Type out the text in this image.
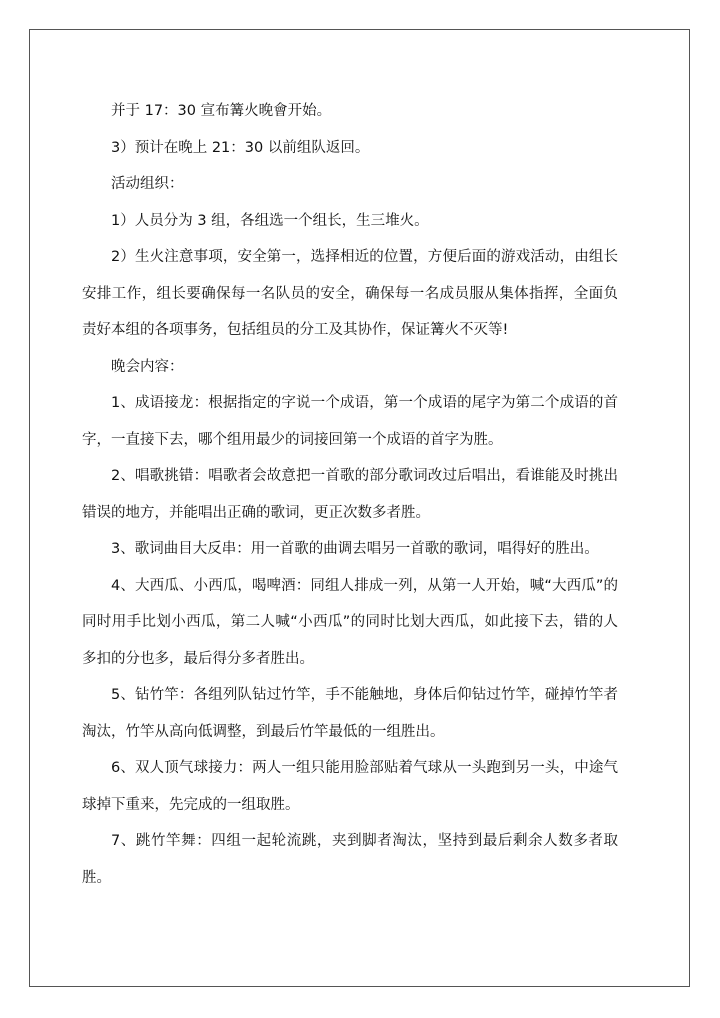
并于 17：30 宣布篝火晚會开始。

3）预计在晚上 21：30 以前组队返回。

活动组织：

1）人员分为 3 组，各组选一个组长，生三堆火。

2）生火注意事项，安全第一，选择相近的位置，方便后面的游戏活动，由组长安排工作，组长要确保每一名队员的安全，确保每一名成员服从集体指挥，全面负责好本组的各项事务，包括组员的分工及其协作，保证篝火不灭等!

晚会内容：

1、成语接龙：根据指定的字说一个成语，第一个成语的尾字为第二个成语的首字，一直接下去，哪个组用最少的词接回第一个成语的首字为胜。

2、唱歌挑错：唱歌者会故意把一首歌的部分歌词改过后唱出，看谁能及时挑出错误的地方，并能唱出正确的歌词，更正次数多者胜。

3、歌词曲目大反串：用一首歌的曲调去唱另一首歌的歌词，唱得好的胜出。

4、大西瓜、小西瓜，喝啤酒：同组人排成一列，从第一人开始，喊“大西瓜”的同时用手比划小西瓜，第二人喊“小西瓜”的同时比划大西瓜，如此接下去，错的人多扣的分也多，最后得分多者胜出。

5、钻竹竿：各组列队钻过竹竿，手不能触地，身体后仰钻过竹竿，碰掉竹竿者淘汰，竹竿从高向低调整，到最后竹竿最低的一组胜出。

6、双人顶气球接力：两人一组只能用脸部贴着气球从一头跑到另一头，中途气球掉下重来，先完成的一组取胜。

7、跳竹竿舞：四组一起轮流跳，夹到脚者淘汰，坚持到最后剩余人数多者取胜。
